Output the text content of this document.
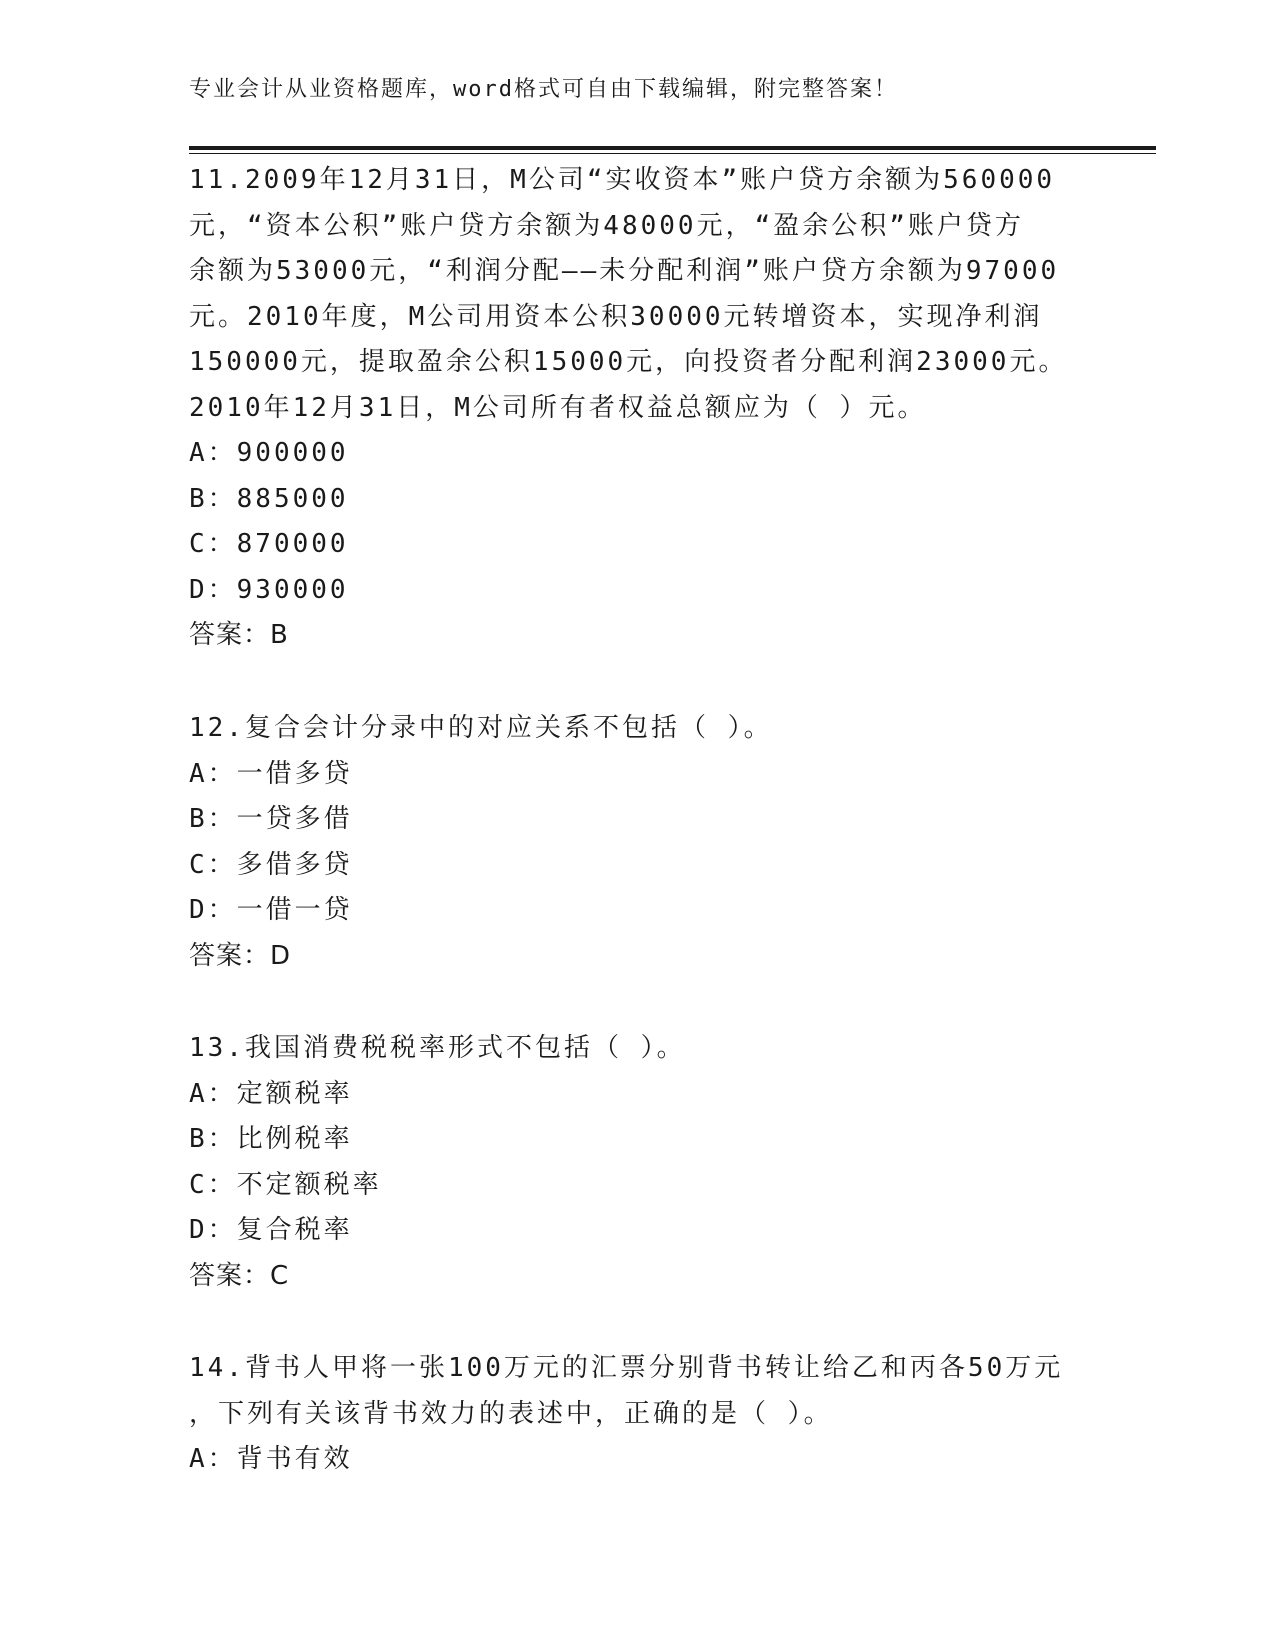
专业会计从业资格题库，word格式可自由下载编辑，附完整答案！

11.2009年12月31日，M公司“实收资本”账户贷方余额为560000
元，“资本公积”账户贷方余额为48000元，“盈余公积”账户贷方
余额为53000元，“利润分配——未分配利润”账户贷方余额为97000
元。2010年度，M公司用资本公积30000元转增资本，实现净利润
150000元，提取盈余公积15000元，向投资者分配利润23000元。
2010年12月31日，M公司所有者权益总额应为（ ）元。

A：900000
B：885000
C：870000
D：930000
答案：B

12.复合会计分录中的对应关系不包括（ ）。

A：一借多贷
B：一贷多借
C：多借多贷
D：一借一贷
答案：D

13.我国消费税税率形式不包括（ ）。

A：定额税率
B：比例税率
C：不定额税率
D：复合税率
答案：C

14.背书人甲将一张100万元的汇票分别背书转让给乙和丙各50万元
，下列有关该背书效力的表述中，正确的是（ ）。

A：背书有效
